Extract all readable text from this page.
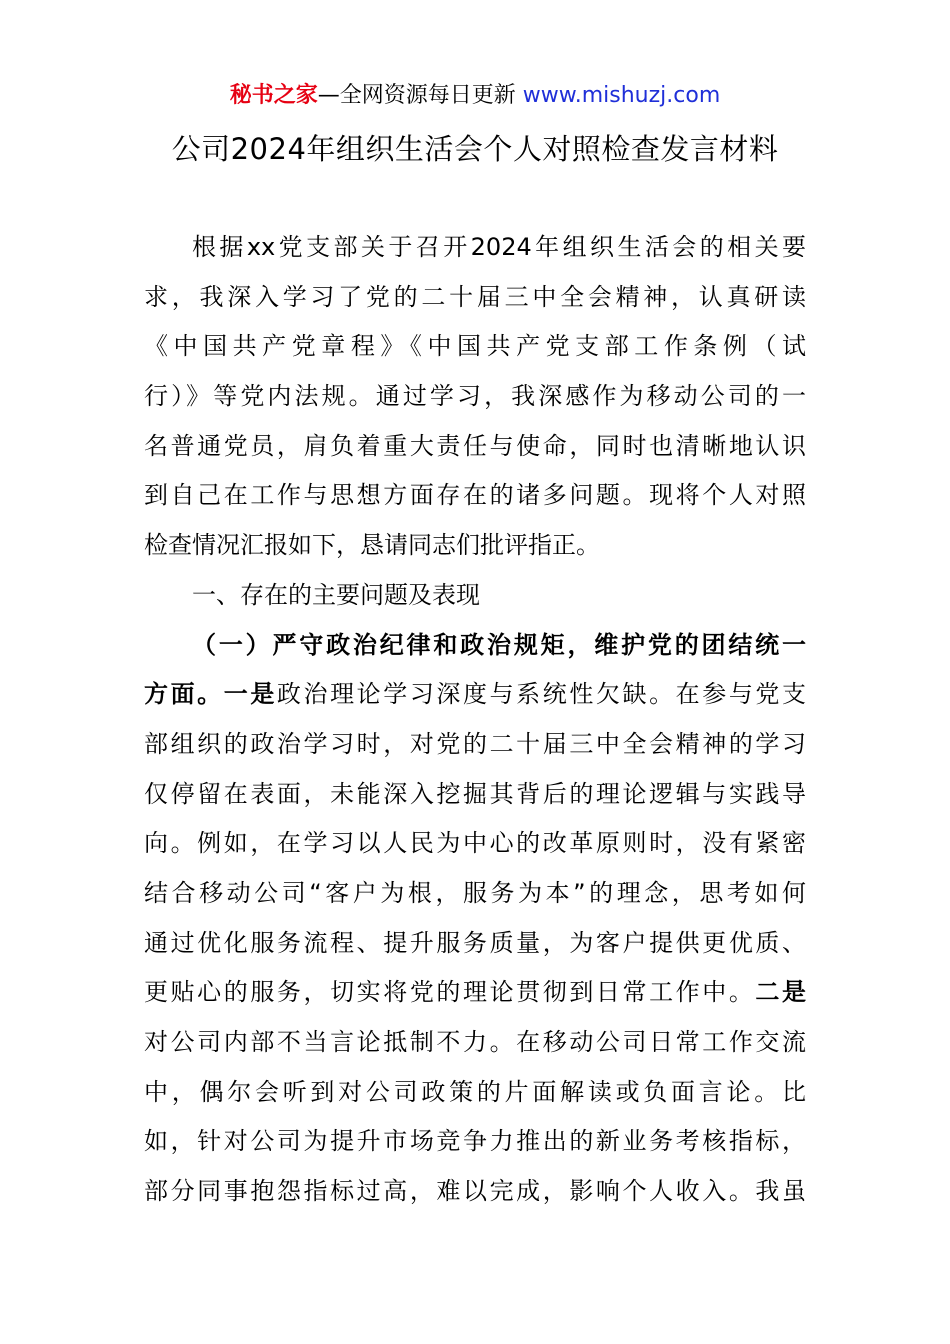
秘书之家—全网资源每日更新 www.mishuzj.com
公司2024年组织生活会个人对照检查发言材料
根据xx党支部关于召开2024年组织生活会的相关要
求，我深入学习了党的二十届三中全会精神，认真研读
《中国共产党章程》《中国共产党支部工作条例（试
行）》等党内法规。通过学习，我深感作为移动公司的一
名普通党员，肩负着重大责任与使命，同时也清晰地认识
到自己在工作与思想方面存在的诸多问题。现将个人对照
检查情况汇报如下，恳请同志们批评指正。
一、存在的主要问题及表现
（一）严守政治纪律和政治规矩，维护党的团结统一
方面。一是政治理论学习深度与系统性欠缺。在参与党支
部组织的政治学习时，对党的二十届三中全会精神的学习
仅停留在表面，未能深入挖掘其背后的理论逻辑与实践导
向。例如，在学习以人民为中心的改革原则时，没有紧密
结合移动公司“客户为根，服务为本”的理念，思考如何
通过优化服务流程、提升服务质量，为客户提供更优质、
更贴心的服务，切实将党的理论贯彻到日常工作中。二是
对公司内部不当言论抵制不力。在移动公司日常工作交流
中，偶尔会听到对公司政策的片面解读或负面言论。比
如，针对公司为提升市场竞争力推出的新业务考核指标，
部分同事抱怨指标过高，难以完成，影响个人收入。我虽
